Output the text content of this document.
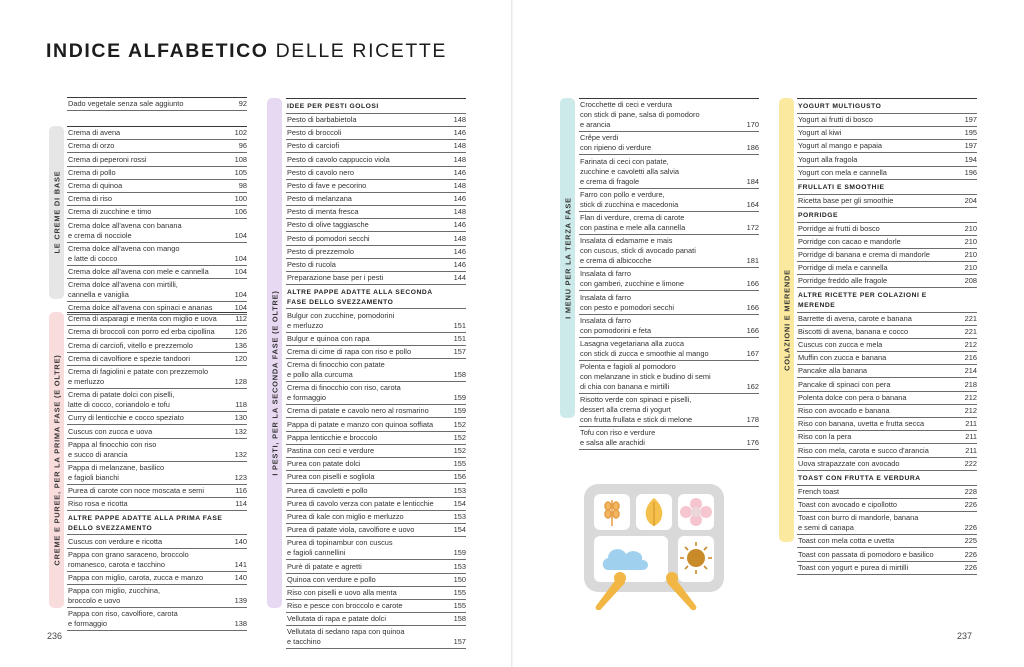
INDICE ALFABETICO DELLE RICETTE
LE CREME DI BASE
CREME E PUREE, PER LA PRIMA FASE (E OLTRE)	I PESTI, PER LA SECONDA FASE (E OLTRE)
I MENU PER LA TERZA FASE
COLAZIONI E MERENDE
Dado vegetale senza sale aggiunto	92
Crema di avena	102
Crema di orzo	96
Crema di peperoni rossi	108
Crema di pollo	105
Crema di quinoa	98
Crema di riso	100
Crema di zucchine e timo	106
Crema dolce all'avena con banana
e crema di nocciole	104
Crema dolce all'avena con mango
e latte di cocco	104
Crema dolce all'avena con mele e cannella	104
Crema dolce all'avena con mirtilli,
cannella e vaniglia	104
Crema dolce all'avena con spinaci e ananas	104
Crema di asparagi e menta con miglio e uova	112
Crema di broccoli con porro ed erba cipollina	126
Crema di carciofi, vitello e prezzemolo	136
Crema di cavolfiore e spezie tandoori	120
Crema di fagiolini e patate con prezzemolo
e merluzzo	128
Crema di patate dolci con piselli,
latte di cocco, coriandolo e tofu	118
Curry di lenticchie e cocco speziato	130
Cuscus con zucca e uova	132
Pappa al finocchio con riso
e succo di arancia	132
Pappa di melanzane, basilico
e fagioli bianchi	123
Purea di carote con noce moscata e semi	116
Riso rosa e ricotta	114
ALTRE PAPPE ADATTE ALLA PRIMA FASE DELLO SVEZZAMENTO
Cuscus con verdure e ricotta	140
Pappa con grano saraceno, broccolo
romanesco, carota e tacchino	141
Pappa con miglio, carota, zucca e manzo	140
Pappa con miglio, zucchina,
broccolo e uovo	139
Pappa con riso, cavolfiore, carota
e formaggio	138
IDEE PER PESTI GOLOSI
Pesto di barbabietola	148
Pesto di broccoli	146
Pesto di carciofi	148
Pesto di cavolo cappuccio viola	148
Pesto di cavolo nero	146
Pesto di fave e pecorino	148
Pesto di melanzana	146
Pesto di menta fresca	148
Pesto di olive taggiasche	146
Pesto di pomodori secchi	148
Pesto di prezzemolo	146
Pesto di rucola	146
Preparazione base per i pesti	144
ALTRE PAPPE ADATTE ALLA SECONDA FASE DELLO SVEZZAMENTO
Bulgur con zucchine, pomodorini
e merluzzo	151
Bulgur e quinoa con rapa	151
Crema di cime di rapa con riso e pollo	157
Crema di finocchio con patate
e pollo alla curcuma	158
Crema di finocchio con riso, carota
e formaggio	159
Crema di patate e cavolo nero al rosmarino	159
Pappa di patate e manzo con quinoa soffiata	152
Pappa lenticchie e broccolo	152
Pastina con ceci e verdure	152
Purea con patate dolci	155
Purea con piselli e sogliola	156
Purea di cavoletti e pollo	153
Purea di cavolo verza con patate e lenticchie	154
Purea di kale con miglio e merluzzo	153
Purea di patate viola, cavolfiore e uovo	154
Purea di topinambur con cuscus
e fagioli cannellini	159
Purè di patate e agretti	153
Quinoa con verdure e pollo	150
Riso con piselli e uovo alla menta	155
Riso e pesce con broccolo e carote	155
Vellutata di rapa e patate dolci	158
Vellutata di sedano rapa con quinoa
e tacchino	157
Crocchette di ceci e verdura
con stick di pane, salsa di pomodoro
e arancia	170
Crêpe verdi
con ripieno di verdure	186
Farinata di ceci con patate,
zucchine e cavoletti alla salvia
e crema di fragole	184
Farro con pollo e verdure,
stick di zucchina e macedonia	164
Flan di verdure, crema di carote
con pastina e mele alla cannella	172
Insalata di edamame e mais
con cuscus, stick di avocado panati
e crema di albicocche	181
Insalata di farro
con gamberi, zucchine e limone	166
Insalata di farro
con pesto e pomodori secchi	166
Insalata di farro
con pomodorini e feta	166
Lasagna vegetariana alla zucca
con stick di zucca e smoothie al mango	167
Polenta e fagioli al pomodoro
con melanzane in stick e budino di semi
di chia con banana e mirtilli	162
Risotto verde con spinaci e piselli,
dessert alla crema di yogurt
con frutta frullata e stick di melone	178
Tofu con riso e verdure
e salsa alle arachidi	176
YOGURT MULTIGUSTO
Yogurt ai frutti di bosco	197
Yogurt al kiwi	195
Yogurt al mango e papaia	197
Yogurt alla fragola	194
Yogurt con mela e cannella	196
FRULLATI E SMOOTHIE
Ricetta base per gli smoothie	204
PORRIDGE
Porridge ai frutti di bosco	210
Porridge con cacao e mandorle	210
Porridge di banana e crema di mandorle	210
Porridge di mela e cannella	210
Porridge freddo alle fragole	208
ALTRE RICETTE PER COLAZIONI E MERENDE
Barrette di avena, carote e banana	221
Biscotti di avena, banana e cocco	221
Cuscus con zucca e mela	212
Muffin con zucca e banana	216
Pancake alla banana	214
Pancake di spinaci con pera	218
Polenta dolce con pera o banana	212
Riso con avocado e banana	212
Riso con banana, uvetta e frutta secca	211
Riso con la pera	211
Riso con mela, carota e succo d'arancia	211
Uova strapazzate con avocado	222
TOAST CON FRUTTA E VERDURA
French toast	228
Toast con avocado e cipollotto	226
Toast con burro di mandorle, banana
e semi di canapa	226
Toast con mela cotta e uvetta	225
Toast con passata di pomodoro e basilico	226
Toast con yogurt e purea di mirtilli	226
236	237
